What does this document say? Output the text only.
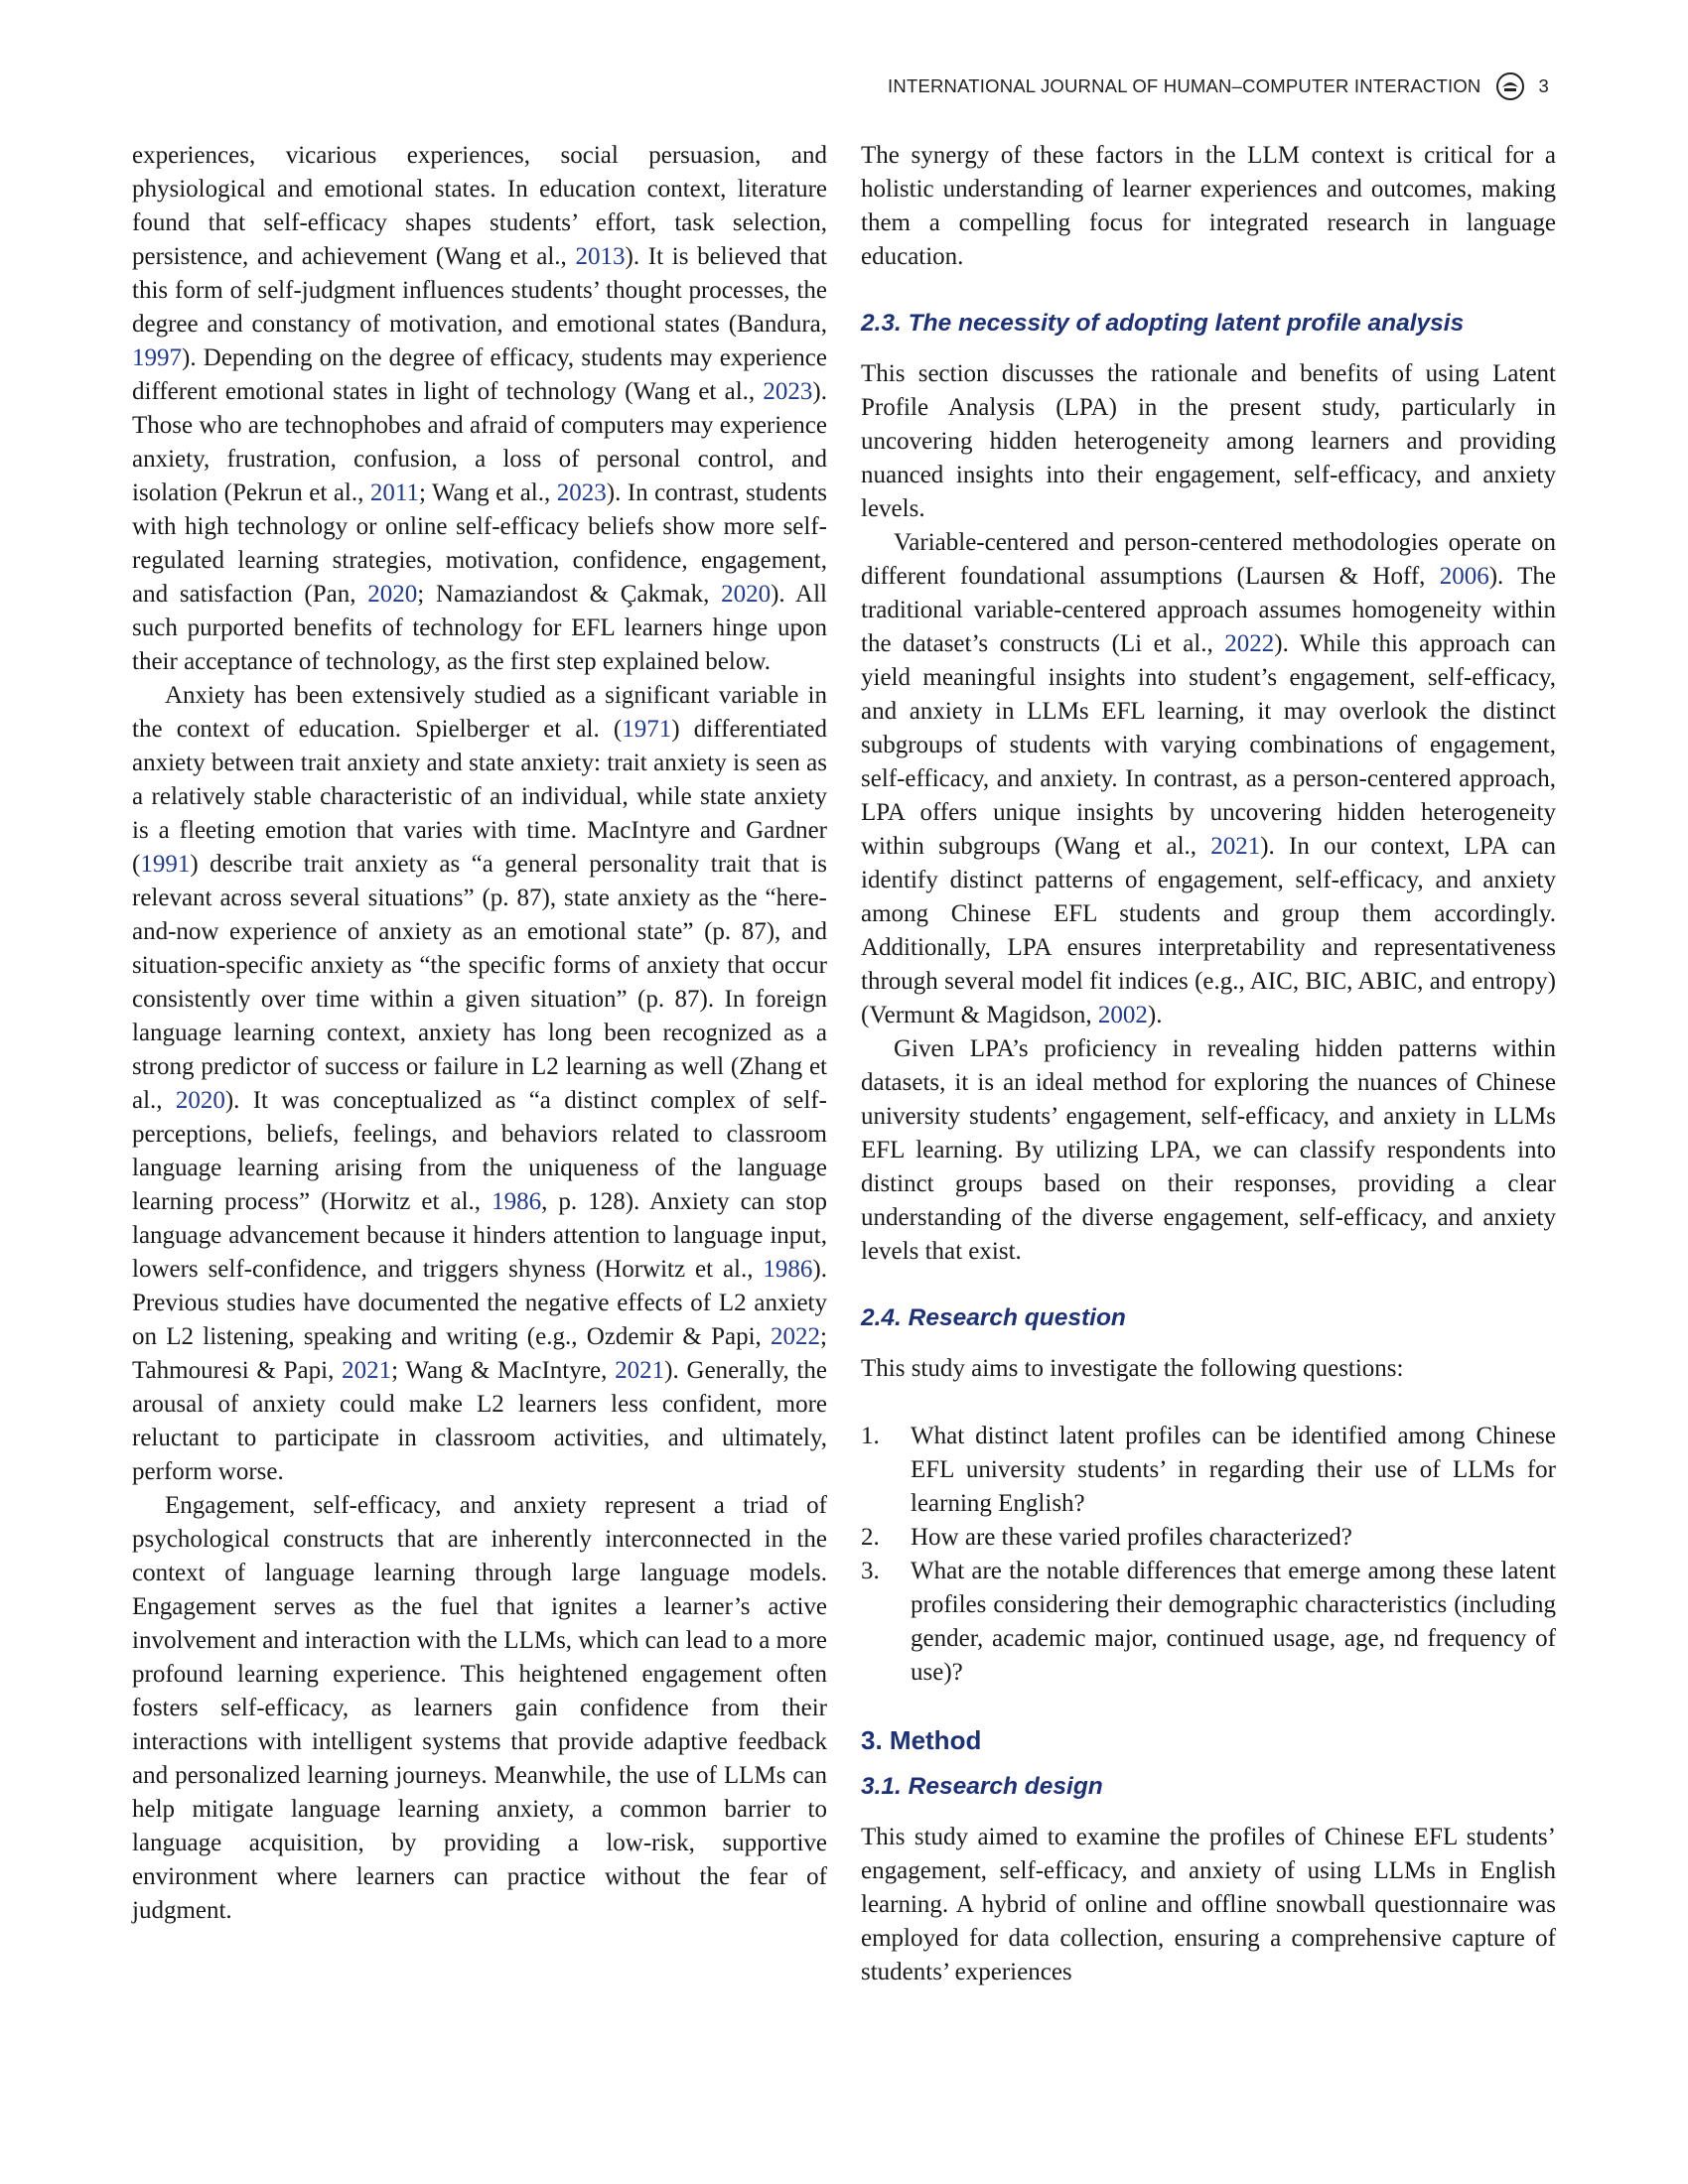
INTERNATIONAL JOURNAL OF HUMAN–COMPUTER INTERACTION	3

experiences, vicarious experiences, social persuasion, and physiological and emotional states. In education context, literature found that self-efficacy shapes students’ effort, task selection, persistence, and achievement (Wang et al., 2013). It is believed that this form of self-judgment influences students’ thought processes, the degree and constancy of motivation, and emotional states (Bandura, 1997). Depending on the degree of efficacy, students may experience different emotional states in light of technology (Wang et al., 2023). Those who are technophobes and afraid of computers may experience anxiety, frustration, confusion, a loss of personal control, and isolation (Pekrun et al., 2011; Wang et al., 2023). In contrast, students with high technology or online self-efficacy beliefs show more self-regulated learning strategies, motivation, confidence, engagement, and satisfaction (Pan, 2020; Namaziandost & Çakmak, 2020). All such purported benefits of technology for EFL learners hinge upon their acceptance of technology, as the first step explained below.

Anxiety has been extensively studied as a significant variable in the context of education. Spielberger et al. (1971) differentiated anxiety between trait anxiety and state anxiety: trait anxiety is seen as a relatively stable characteristic of an individual, while state anxiety is a fleeting emotion that varies with time. MacIntyre and Gardner (1991) describe trait anxiety as “a general personality trait that is relevant across several situations” (p. 87), state anxiety as the “here-and-now experience of anxiety as an emotional state” (p. 87), and situation-specific anxiety as “the specific forms of anxiety that occur consistently over time within a given situation” (p. 87). In foreign language learning context, anxiety has long been recognized as a strong predictor of success or failure in L2 learning as well (Zhang et al., 2020). It was conceptualized as “a distinct complex of self-perceptions, beliefs, feelings, and behaviors related to classroom language learning arising from the uniqueness of the language learning process” (Horwitz et al., 1986, p. 128). Anxiety can stop language advancement because it hinders attention to language input, lowers self-confidence, and triggers shyness (Horwitz et al., 1986). Previous studies have documented the negative effects of L2 anxiety on L2 listening, speaking and writing (e.g., Ozdemir & Papi, 2022; Tahmouresi & Papi, 2021; Wang & MacIntyre, 2021). Generally, the arousal of anxiety could make L2 learners less confident, more reluctant to participate in classroom activities, and ultimately, perform worse.

Engagement, self-efficacy, and anxiety represent a triad of psychological constructs that are inherently interconnected in the context of language learning through large language models. Engagement serves as the fuel that ignites a learner’s active involvement and interaction with the LLMs, which can lead to a more profound learning experience. This heightened engagement often fosters self-efficacy, as learners gain confidence from their interactions with intelligent systems that provide adaptive feedback and personalized learning journeys. Meanwhile, the use of LLMs can help mitigate language learning anxiety, a common barrier to language acquisition, by providing a low-risk, supportive environment where learners can practice without the fear of judgment.

The synergy of these factors in the LLM context is critical for a holistic understanding of learner experiences and outcomes, making them a compelling focus for integrated research in language education.

2.3. The necessity of adopting latent profile analysis

This section discusses the rationale and benefits of using Latent Profile Analysis (LPA) in the present study, particularly in uncovering hidden heterogeneity among learners and providing nuanced insights into their engagement, self-efficacy, and anxiety levels.

Variable-centered and person-centered methodologies operate on different foundational assumptions (Laursen & Hoff, 2006). The traditional variable-centered approach assumes homogeneity within the dataset’s constructs (Li et al., 2022). While this approach can yield meaningful insights into student’s engagement, self-efficacy, and anxiety in LLMs EFL learning, it may overlook the distinct subgroups of students with varying combinations of engagement, self-efficacy, and anxiety. In contrast, as a person-centered approach, LPA offers unique insights by uncovering hidden heterogeneity within subgroups (Wang et al., 2021). In our context, LPA can identify distinct patterns of engagement, self-efficacy, and anxiety among Chinese EFL students and group them accordingly. Additionally, LPA ensures interpretability and representativeness through several model fit indices (e.g., AIC, BIC, ABIC, and entropy) (Vermunt & Magidson, 2002).

Given LPA’s proficiency in revealing hidden patterns within datasets, it is an ideal method for exploring the nuances of Chinese university students’ engagement, self-efficacy, and anxiety in LLMs EFL learning. By utilizing LPA, we can classify respondents into distinct groups based on their responses, providing a clear understanding of the diverse engagement, self-efficacy, and anxiety levels that exist.

2.4. Research question

This study aims to investigate the following questions:

1.	What distinct latent profiles can be identified among Chinese EFL university students’ in regarding their use of LLMs for learning English?
2.	How are these varied profiles characterized?
3.	What are the notable differences that emerge among these latent profiles considering their demographic characteristics (including gender, academic major, continued usage, age, nd frequency of use)?
3. Method
3.1. Research design

This study aimed to examine the profiles of Chinese EFL students’ engagement, self-efficacy, and anxiety of using LLMs in English learning. A hybrid of online and offline snowball questionnaire was employed for data collection, ensuring a comprehensive capture of students’ experiences
